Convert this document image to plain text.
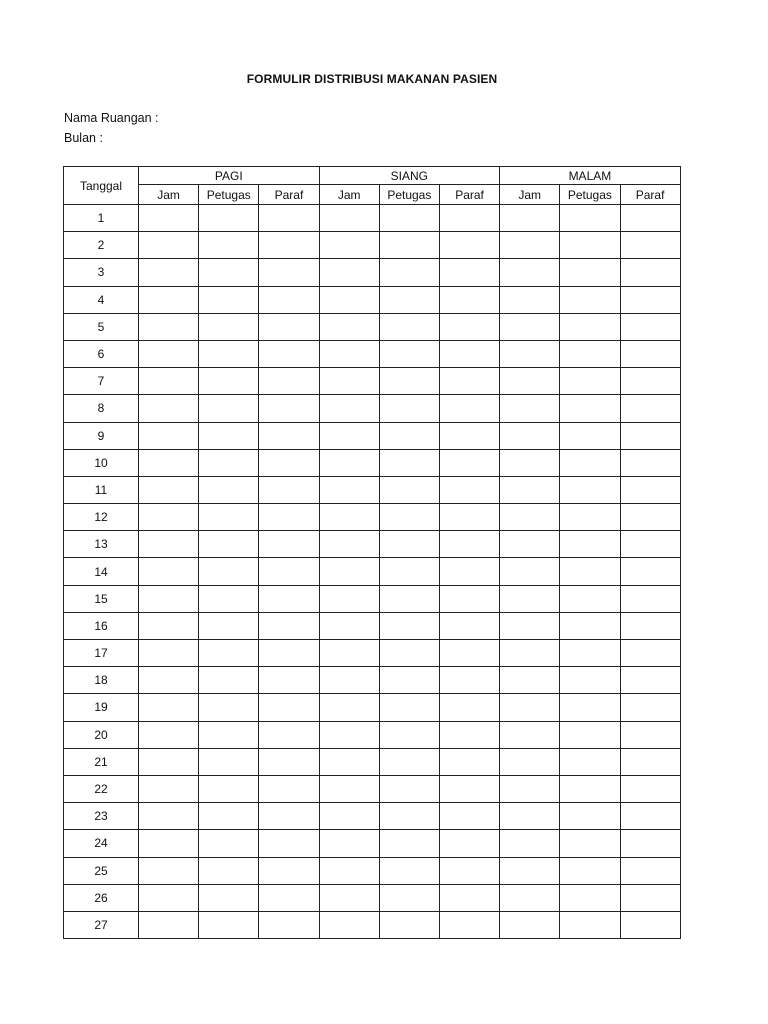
FORMULIR DISTRIBUSI MAKANAN PASIEN
Nama Ruangan :
Bulan :
Tanggal	PAGI			SIANG			MALAM		
	Jam	Petugas	Paraf	Jam	Petugas	Paraf	Jam	Petugas	Paraf
1									
2									
3									
4									
5									
6									
7									
8									
9									
10									
11									
12									
13									
14									
15									
16									
17									
18									
19									
20									
21									
22									
23									
24									
25									
26									
27									
